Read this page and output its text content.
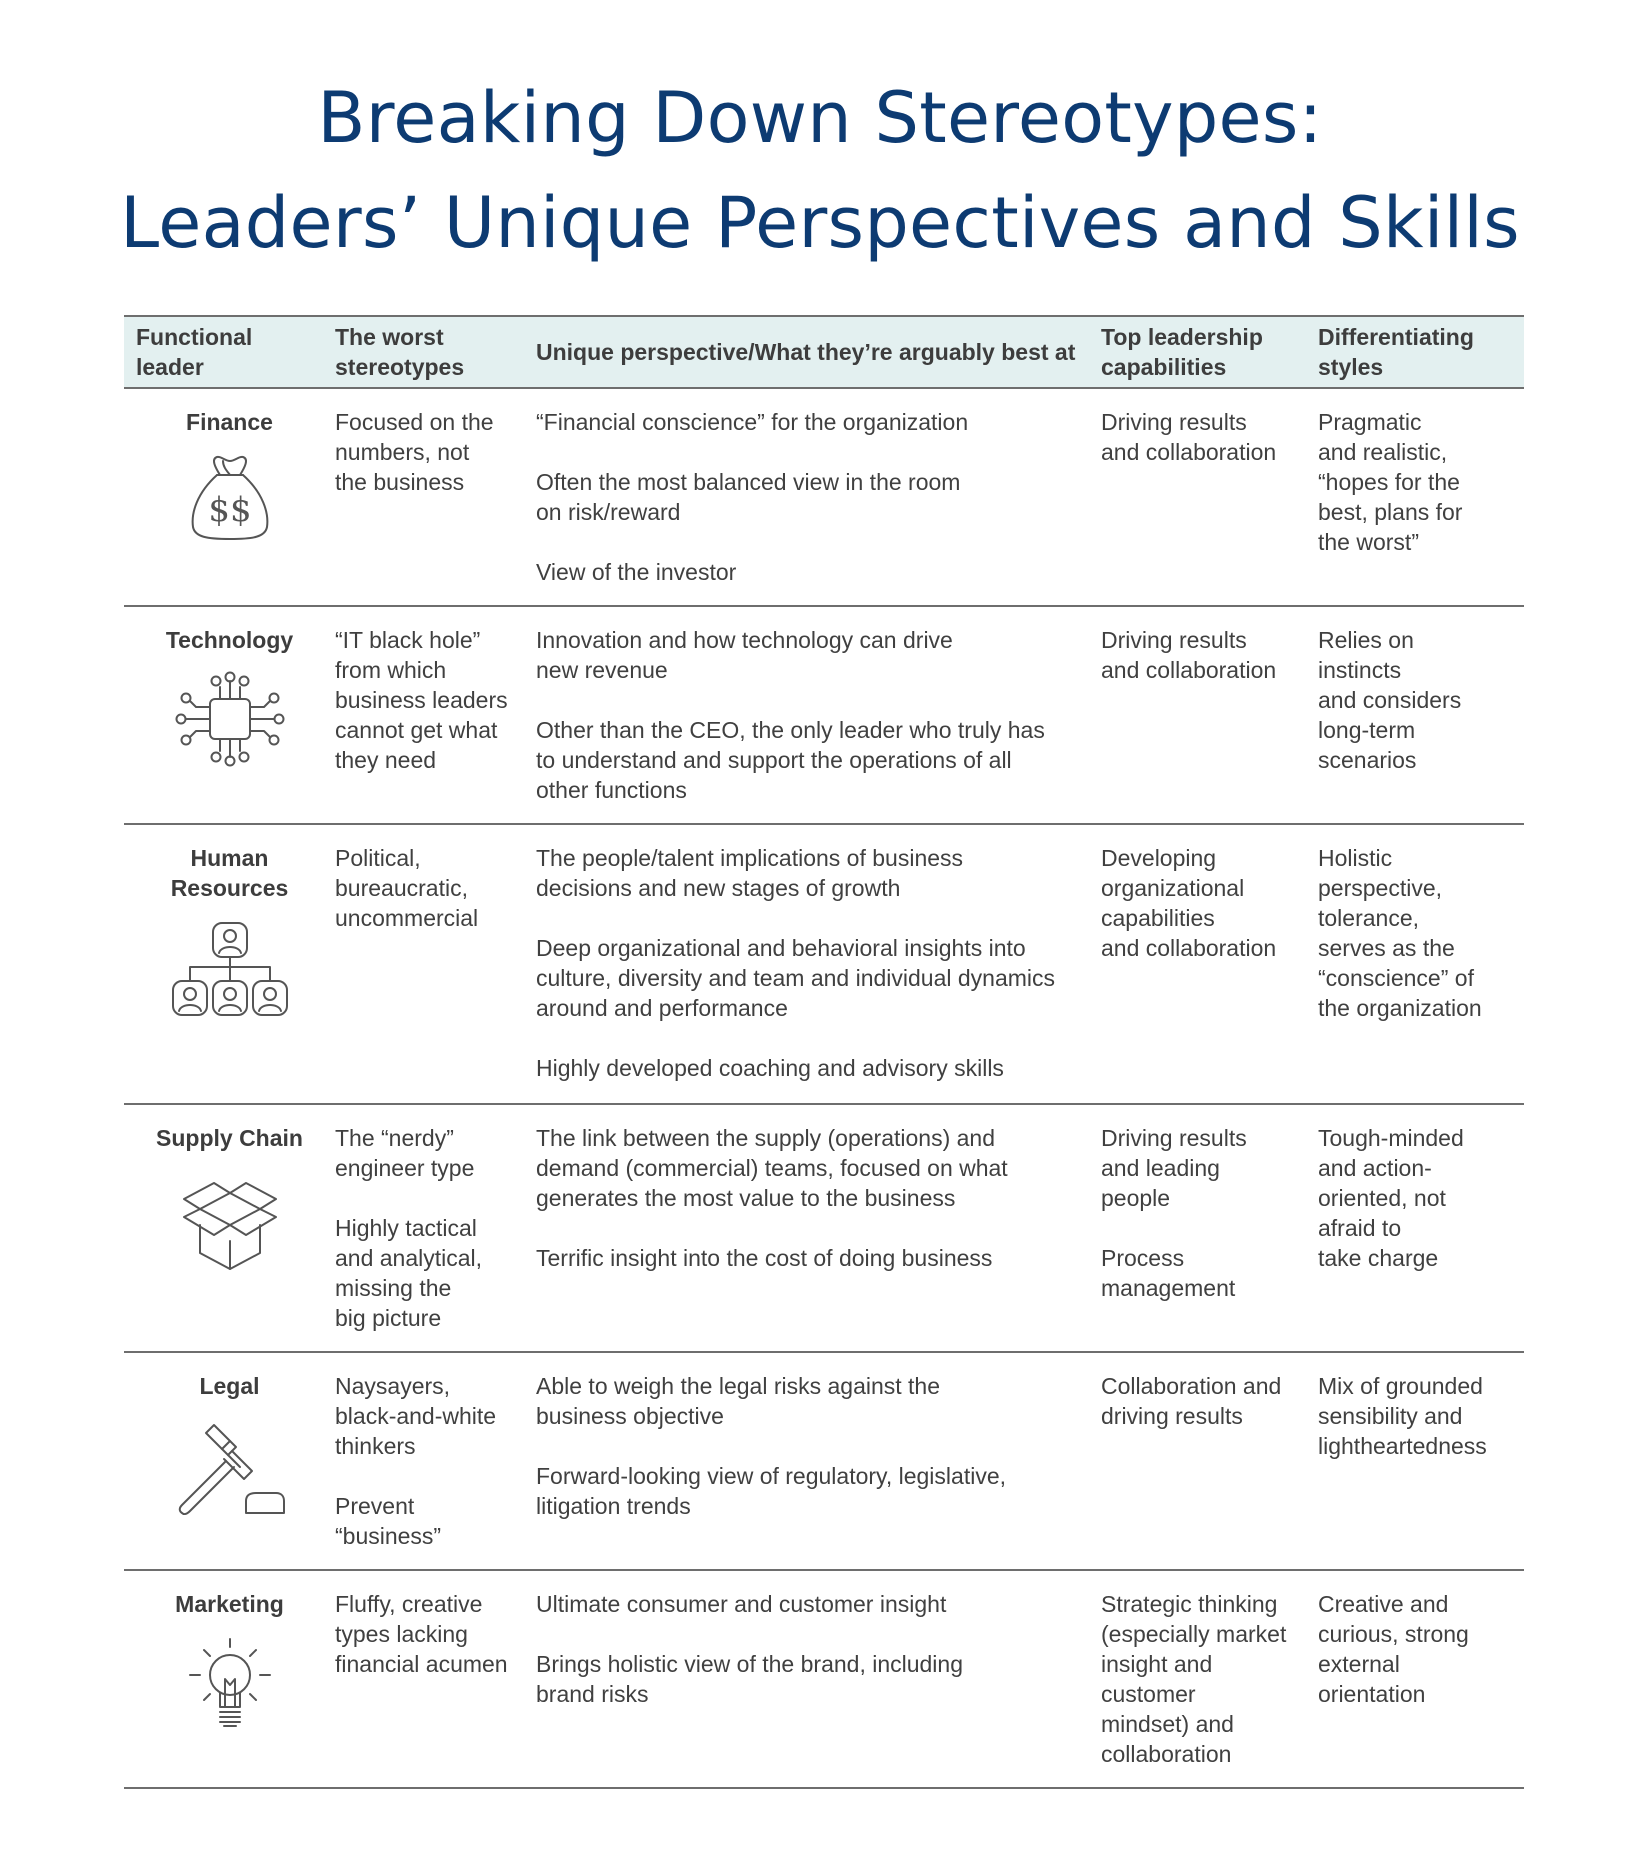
Breaking Down Stereotypes:
Leaders’ Unique Perspectives and Skills
Functional
leader
The worst
stereotypes
Unique perspective/What they’re arguably best at
Top leadership
capabilities
Differentiating
styles
Finance
$$
Focused on the
numbers, not
the business
“Financial conscience” for the organization
Often the most balanced view in the room
on risk/reward
View of the investor
Driving results
and collaboration
Pragmatic
and realistic,
“hopes for the
best, plans for
the worst”
Technology “IT black hole”
from which
business leaders
cannot get what
they need
Innovation and how technology can drive
new revenue
Other than the CEO, the only leader who truly has
to understand and support the operations of all
other functions
Driving results
and collaboration
Relies on
instincts
and considers
long-term
scenarios
Human
Resources
Political,
bureaucratic,
uncommercial
The people/talent implications of business
decisions and new stages of growth
Deep organizational and behavioral insights into
culture, diversity and team and individual dynamics
around and performance
Highly developed coaching and advisory skills
Developing
organizational
capabilities
and collaboration
Holistic
perspective,
tolerance,
serves as the
“conscience” of
the organization
Supply Chain The “nerdy”
engineer type
Highly tactical
and analytical,
missing the
big picture
The link between the supply (operations) and
demand (commercial) teams, focused on what
generates the most value to the business
Terrific insight into the cost of doing business
Driving results
and leading
people
Process
management
Tough-minded
and action-
oriented, not
afraid to
take charge
Legal	Naysayers,
black-and-white
thinkers
Prevent
“business”
Able to weigh the legal risks against the
business objective
Forward-looking view of regulatory, legislative,
litigation trends
Collaboration and
driving results
Mix of grounded
sensibility and
lightheartedness
Marketing Fluffy, creative
types lacking
financial acumen
Ultimate consumer and customer insight
Brings holistic view of the brand, including
brand risks
Strategic thinking
(especially market
insight and
customer
mindset) and
collaboration
Creative and
curious, strong
external
orientation
